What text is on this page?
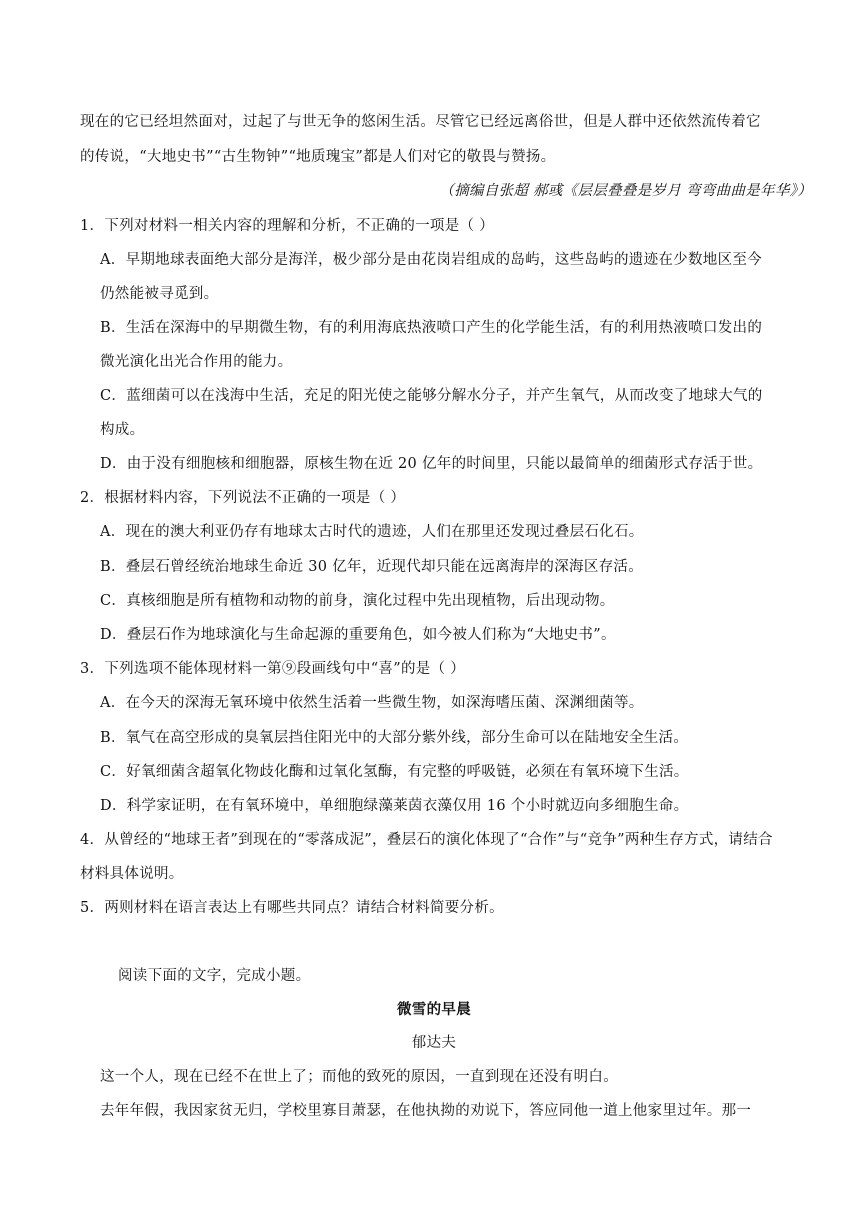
现在的它已经坦然面对，过起了与世无争的悠闲生活。尽管它已经远离俗世，但是人群中还依然流传着它
的传说，“大地史书”“古生物钟”“地质瑰宝”都是人们对它的敬畏与赞扬。
（摘编自张超 郝彧《层层叠叠是岁月 弯弯曲曲是年华》）
1．下列对材料一相关内容的理解和分析，不正确的一项是（ ）
A．早期地球表面绝大部分是海洋，极少部分是由花岗岩组成的岛屿，这些岛屿的遗迹在少数地区至今
仍然能被寻觅到。
B．生活在深海中的早期微生物，有的利用海底热液喷口产生的化学能生活，有的利用热液喷口发出的
微光演化出光合作用的能力。
C．蓝细菌可以在浅海中生活，充足的阳光使之能够分解水分子，并产生氧气，从而改变了地球大气的
构成。
D．由于没有细胞核和细胞器，原核生物在近 20 亿年的时间里，只能以最简单的细菌形式存活于世。
2．根据材料内容，下列说法不正确的一项是（ ）
A．现在的澳大利亚仍存有地球太古时代的遗迹，人们在那里还发现过叠层石化石。
B．叠层石曾经统治地球生命近 30 亿年，近现代却只能在远离海岸的深海区存活。
C．真核细胞是所有植物和动物的前身，演化过程中先出现植物，后出现动物。
D．叠层石作为地球演化与生命起源的重要角色，如今被人们称为“大地史书”。
3．下列选项不能体现材料一第⑨段画线句中“喜”的是（ ）
A．在今天的深海无氧环境中依然生活着一些微生物，如深海嗜压菌、深渊细菌等。
B．氧气在高空形成的臭氧层挡住阳光中的大部分紫外线，部分生命可以在陆地安全生活。
C．好氧细菌含超氧化物歧化酶和过氧化氢酶，有完整的呼吸链，必须在有氧环境下生活。
D．科学家证明，在有氧环境中，单细胞绿藻莱茵衣藻仅用 16 个小时就迈向多细胞生命。
4．从曾经的“地球王者”到现在的“零落成泥”，叠层石的演化体现了“合作”与“竞争”两种生存方式，请结合
材料具体说明。
5．两则材料在语言表达上有哪些共同点？请结合材料简要分析。
阅读下面的文字，完成小题。
微雪的早晨
郁达夫
这一个人，现在已经不在世上了；而他的致死的原因，一直到现在还没有明白。
去年年假，我因家贫无归，学校里寡目萧瑟，在他执拗的劝说下，答应同他一道上他家里过年。那一
